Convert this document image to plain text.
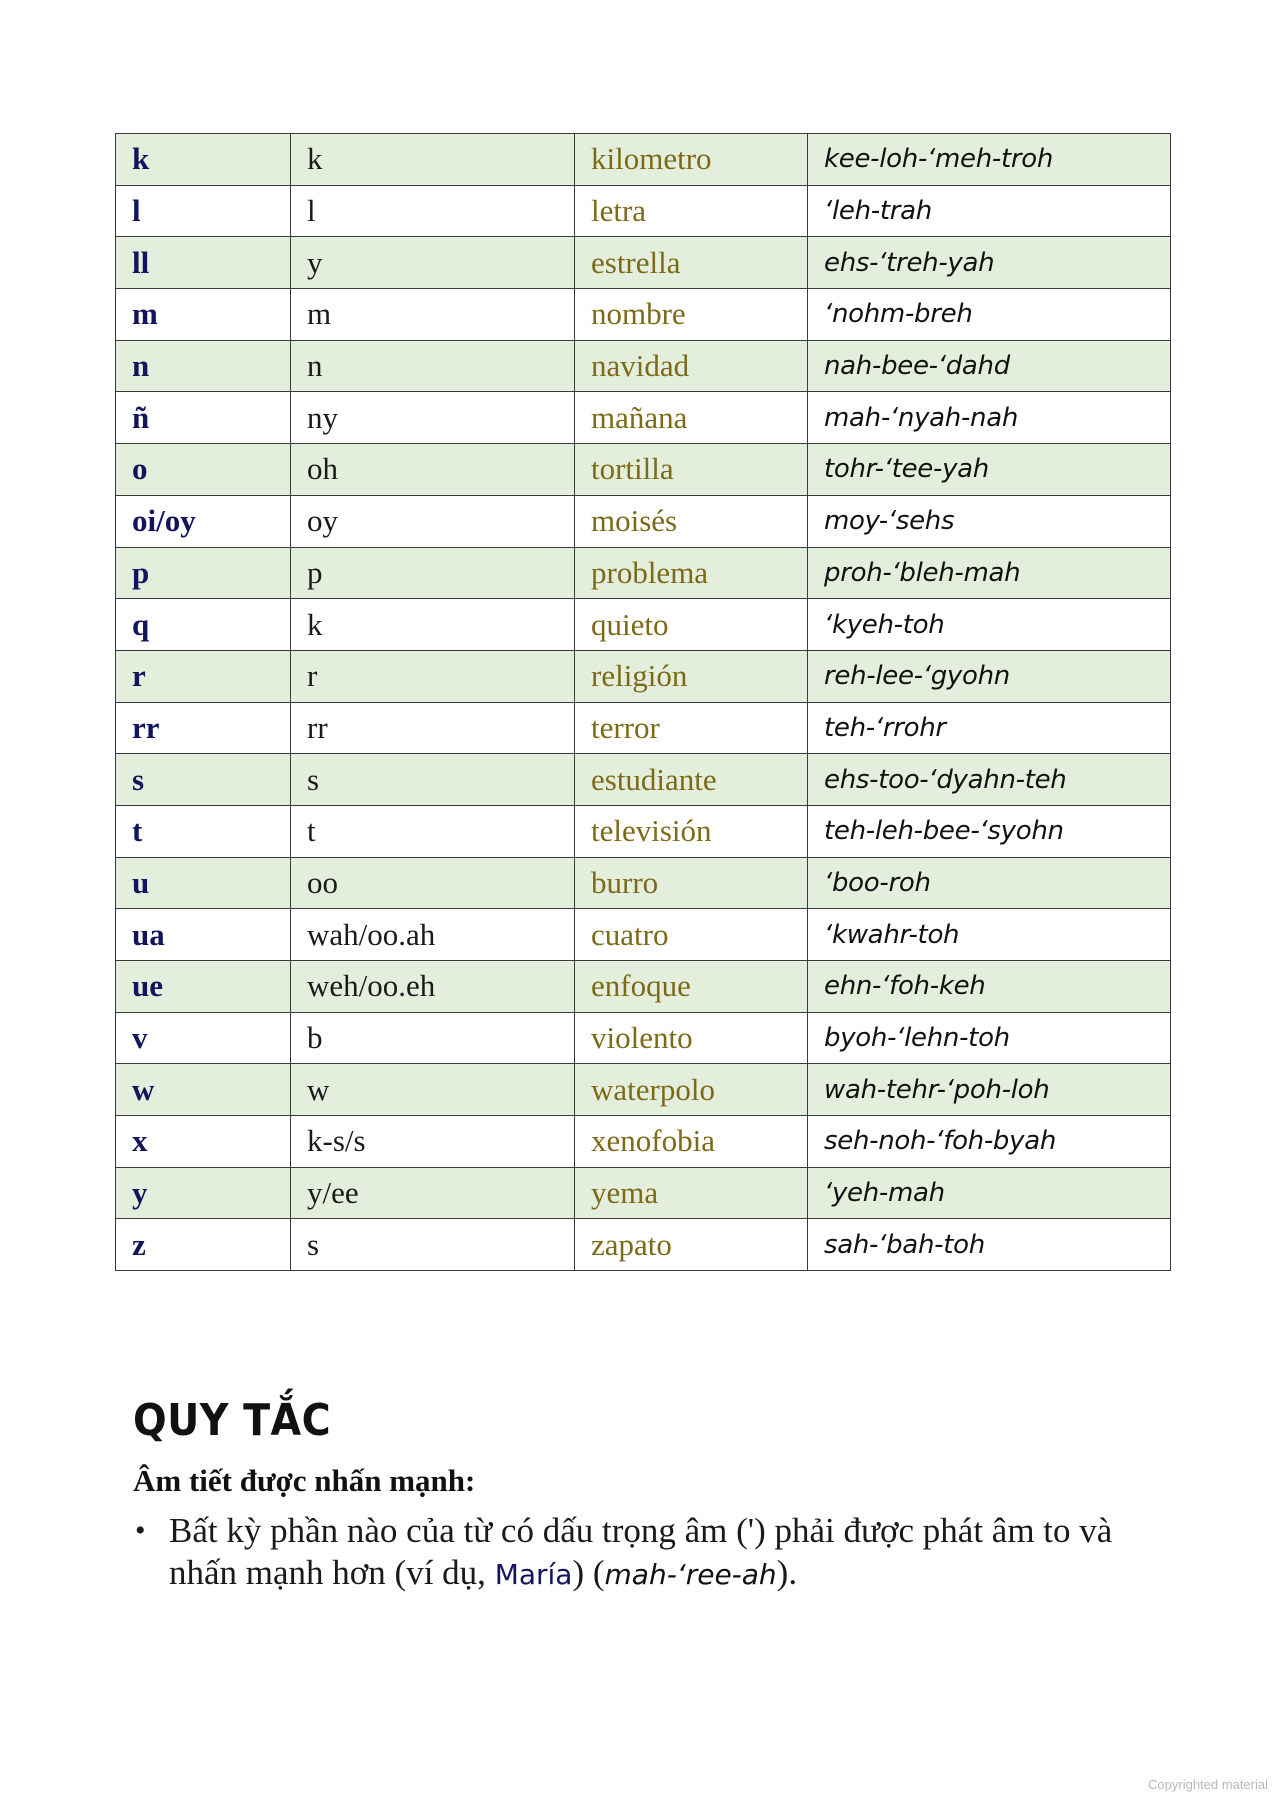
k	k	kilometro	kee-loh-‘meh-troh
l	l	letra	‘leh-trah
ll	y	estrella	ehs-‘treh-yah
m	m	nombre	‘nohm-breh
n	n	navidad	nah-bee-‘dahd
ñ	ny	mañana	mah-‘nyah-nah
o	oh	tortilla	tohr-‘tee-yah
oi/oy	oy	moisés	moy-‘sehs
p	p	problema	proh-‘bleh-mah
q	k	quieto	‘kyeh-toh
r	r	religión	reh-lee-‘gyohn
rr	rr	terror	teh-‘rrohr
s	s	estudiante	ehs-too-‘dyahn-teh
t	t	televisión	teh-leh-bee-‘syohn
u	oo	burro	‘boo-roh
ua	wah/oo.ah	cuatro	‘kwahr-toh
ue	weh/oo.eh	enfoque	ehn-‘foh-keh
v	b	violento	byoh-‘lehn-toh
w	w	waterpolo	wah-tehr-‘poh-loh
x	k-s/s	xenofobia	seh-noh-‘foh-byah
y	y/ee	yema	‘yeh-mah
z	s	zapato	sah-‘bah-toh
QUY TẮC
Âm tiết được nhấn mạnh:
• Bất kỳ phần nào của từ có dấu trọng âm (') phải được phát âm to và nhấn mạnh hơn (ví dụ, María) (mah-‘ree-ah).
Copyrighted material
